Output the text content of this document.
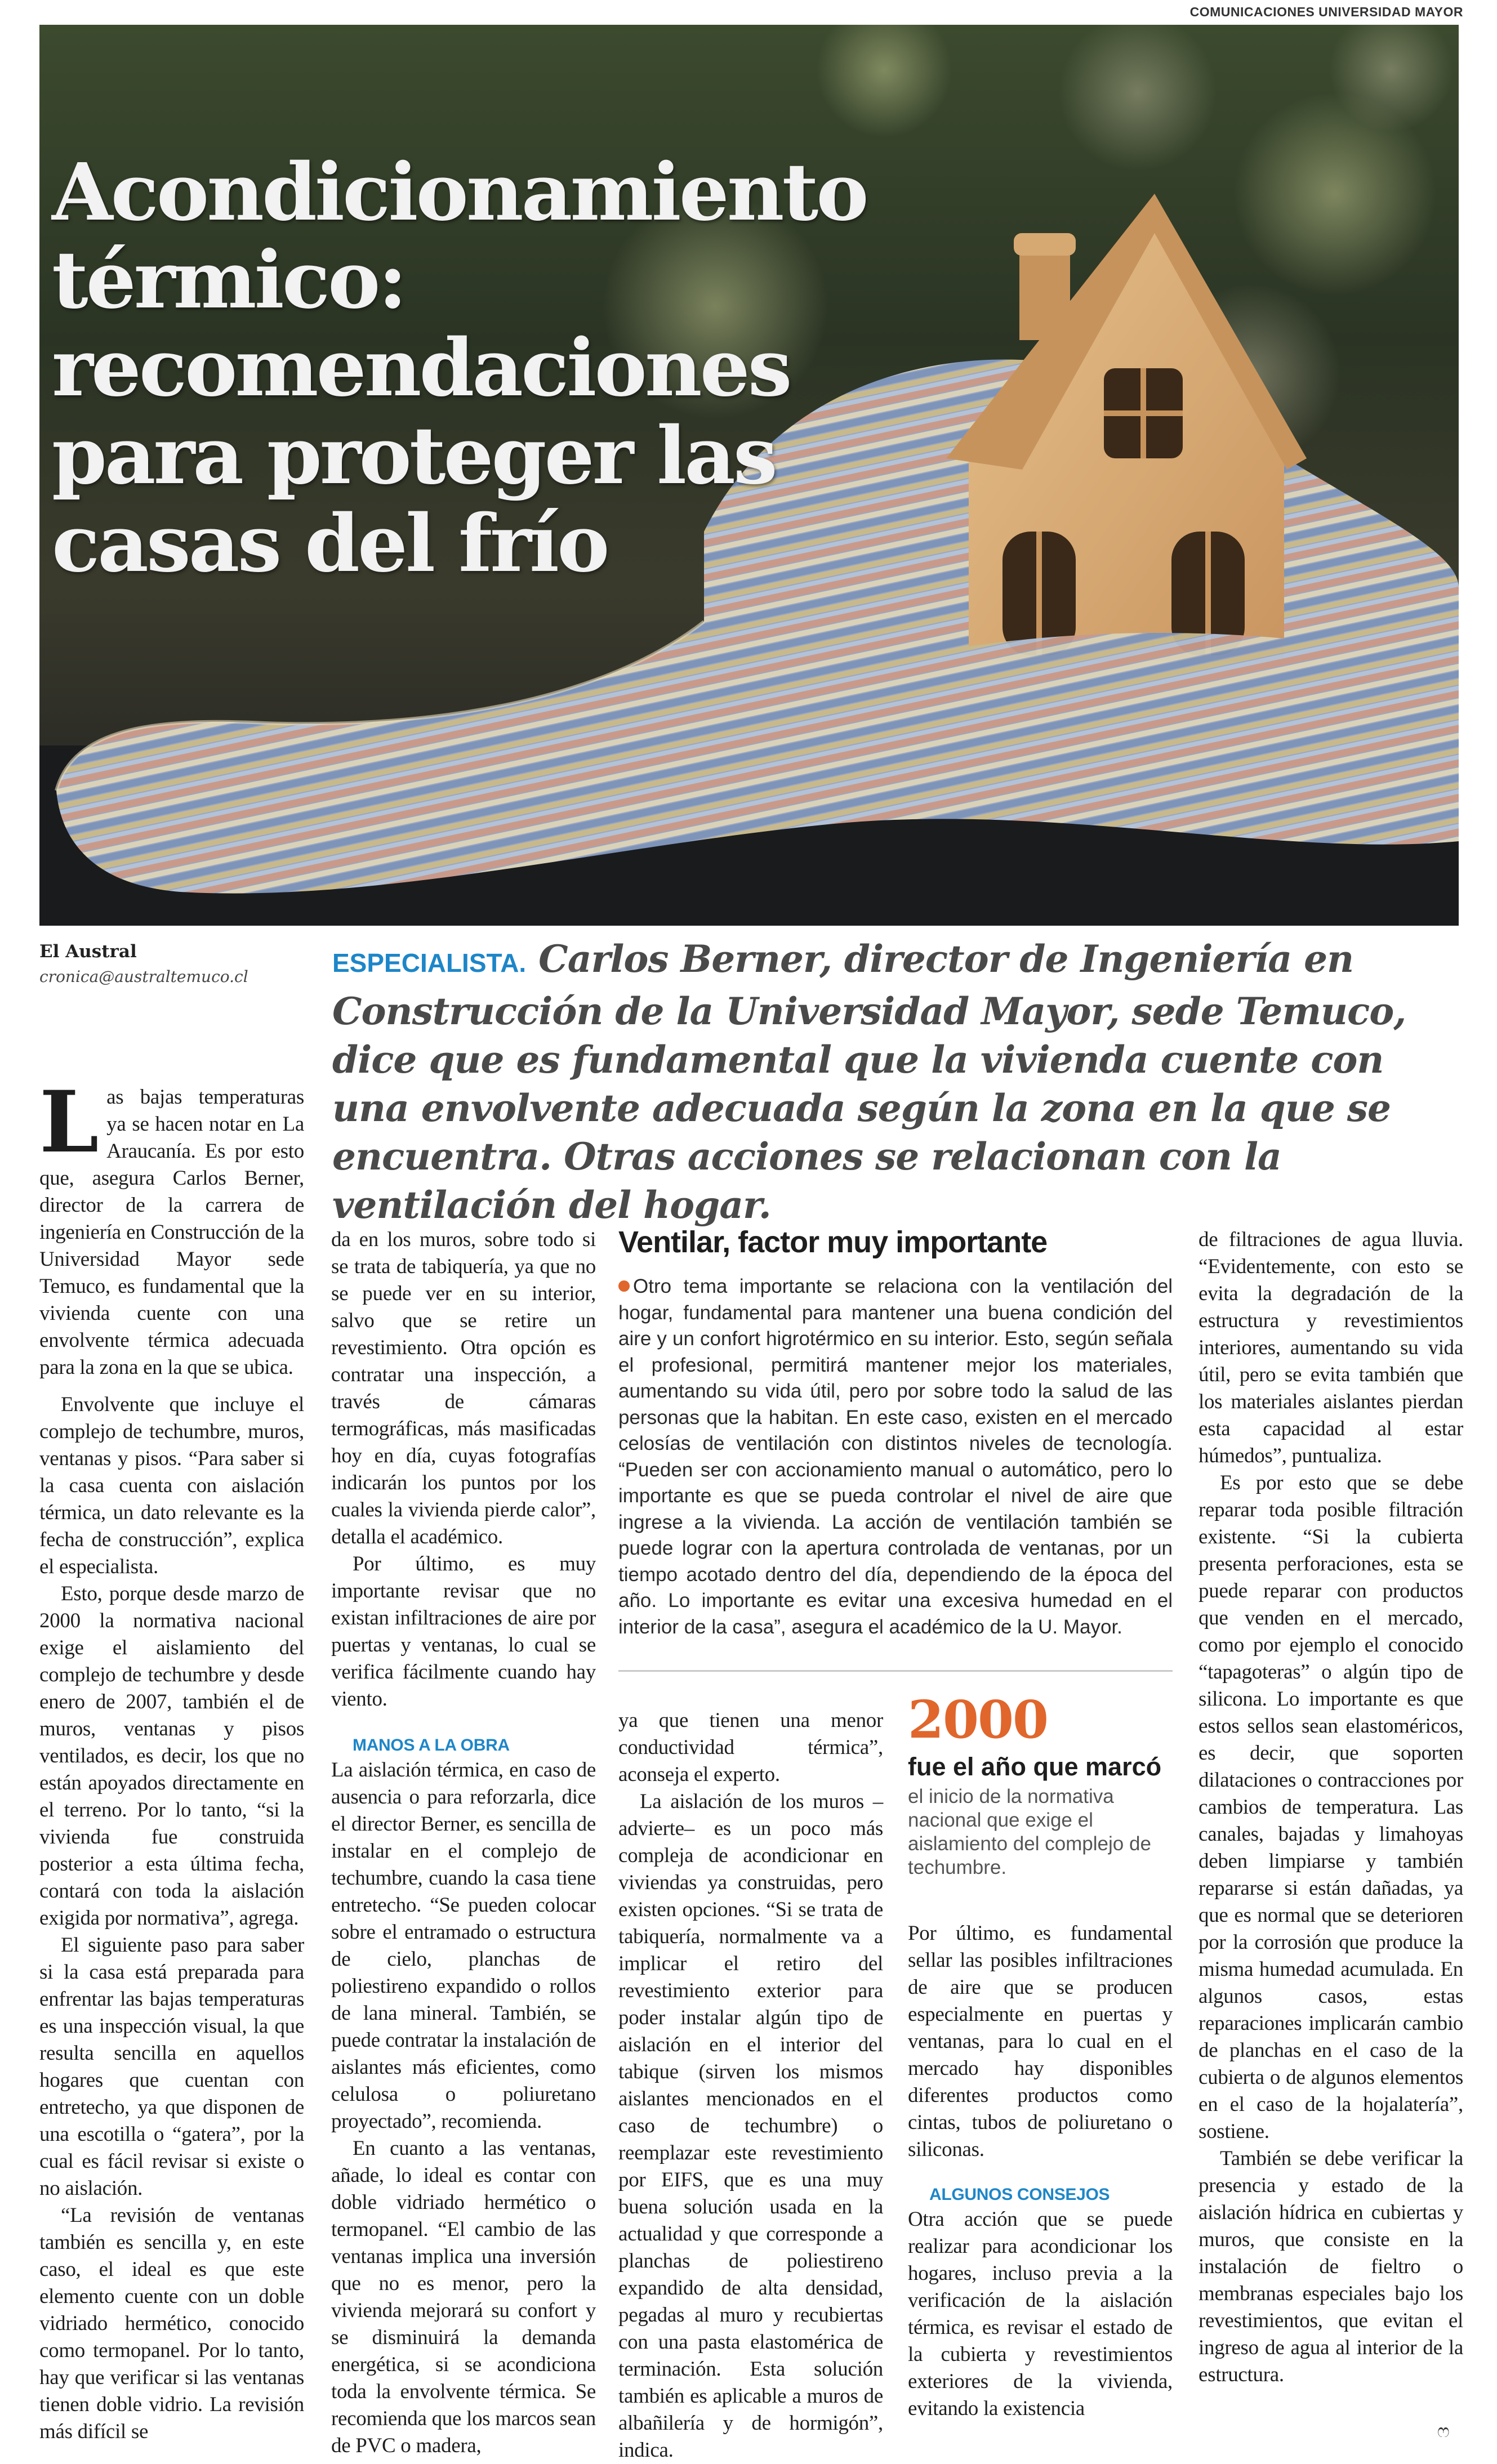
COMUNICACIONES UNIVERSIDAD MAYOR
Acondicionamiento térmico: recomendaciones para proteger las casas del frío
El Austral
cronica@australtemuco.cl	ESPECIALISTA. Carlos Berner, director de Ingeniería en Construcción de la Universidad Mayor, sede Temuco, dice que es fundamental que la vivienda cuente con una envolvente adecuada según la zona en la que se encuentra. Otras acciones se relacionan con la ventilación del hogar.

Las bajas temperaturas ya se hacen notar en La Araucanía. Es por esto que, asegura Carlos Berner, director de la carrera de ingeniería en Construcción de la Universidad Mayor sede Temuco, es fundamental que la vivienda cuente con una envolvente térmica adecuada para la zona en la que se ubica.

Envolvente que incluye el complejo de techumbre, muros, ventanas y pisos. “Para saber si la casa cuenta con aislación térmica, un dato relevante es la fecha de construcción”, explica el especialista.

Esto, porque desde marzo de 2000 la normativa nacional exige el aislamiento del complejo de techumbre y desde enero de 2007, también el de muros, ventanas y pisos ventilados, es decir, los que no están apoyados directamente en el terreno. Por lo tanto, “si la vivienda fue construida posterior a esta última fecha, contará con toda la aislación exigida por normativa”, agrega.

El siguiente paso para saber si la casa está preparada para enfrentar las bajas temperaturas es una inspección visual, la que resulta sencilla en aquellos hogares que cuentan con entretecho, ya que disponen de una escotilla o “gatera”, por la cual es fácil revisar si existe o no aislación.

“La revisión de ventanas también es sencilla y, en este caso, el ideal es que este elemento cuente con un doble vidriado hermético, conocido como termopanel. Por lo tanto, hay que verificar si las ventanas tienen doble vidrio. La revisión más difícil se

da en los muros, sobre todo si se trata de tabiquería, ya que no se puede ver en su interior, salvo que se retire un revestimiento. Otra opción es contratar una inspección, a través de cámaras termográficas, más masificadas hoy en día, cuyas fotografías indicarán los puntos por los cuales la vivienda pierde calor”, detalla el académico.

Por último, es muy importante revisar que no existan infiltraciones de aire por puertas y ventanas, lo cual se verifica fácilmente cuando hay viento.

MANOS A LA OBRA

La aislación térmica, en caso de ausencia o para reforzarla, dice el director Berner, es sencilla de instalar en el complejo de techumbre, cuando la casa tiene entretecho. “Se pueden colocar sobre el entramado o estructura de cielo, planchas de poliestireno expandido o rollos de lana mineral. También, se puede contratar la instalación de aislantes más eficientes, como celulosa o poliuretano proyectado”, recomienda.

En cuanto a las ventanas, añade, lo ideal es contar con doble vidriado hermético o termopanel. “El cambio de las ventanas implica una inversión que no es menor, pero la vivienda mejorará su confort y se disminuirá la demanda energética, si se acondiciona toda la envolvente térmica. Se recomienda que los marcos sean de PVC o madera,

Ventilar, factor muy importante
Otro tema importante se relaciona con la ventilación del hogar, fundamental para mantener una buena condición del aire y un confort higrotérmico en su interior. Esto, según señala el profesional, permitirá mantener mejor los materiales, aumentando su vida útil, pero por sobre todo la salud de las personas que la habitan. En este caso, existen en el mercado celosías de ventilación con distintos niveles de tecnología. “Pueden ser con accionamiento manual o automático, pero lo importante es que se pueda controlar el nivel de aire que ingrese a la vivienda. La acción de ventilación también se puede lograr con la apertura controlada de ventanas, por un tiempo acotado dentro del día, dependiendo de la época del año. Lo importante es evitar una excesiva humedad en el interior de la casa”, asegura el académico de la U. Mayor.

ya que tienen una menor conductividad térmica”, aconseja el experto.

La aislación de los muros –advierte– es un poco más compleja de acondicionar en viviendas ya construidas, pero existen opciones. “Si se trata de tabiquería, normalmente va a implicar el retiro del revestimiento exterior para poder instalar algún tipo de aislación en el interior del tabique (sirven los mismos aislantes mencionados en el caso de techumbre) o reemplazar este revestimiento por EIFS, que es una muy buena solución usada en la actualidad y que corresponde a planchas de poliestireno expandido de alta densidad, pegadas al muro y recubiertas con una pasta elastomérica de terminación. Esta solución también es aplicable a muros de albañilería y de hormigón”, indica.

2000
fue el año que marcó
el inicio de la normativa nacional que exige el aislamiento del complejo de techumbre.

Por último, es fundamental sellar las posibles infiltraciones de aire que se producen especialmente en puertas y ventanas, para lo cual en el mercado hay disponibles diferentes productos como cintas, tubos de poliuretano o siliconas.

ALGUNOS CONSEJOS

Otra acción que se puede realizar para acondicionar los hogares, incluso previa a la verificación de la aislación térmica, es revisar el estado de la cubierta y revestimientos exteriores de la vivienda, evitando la existencia

de filtraciones de agua lluvia. “Evidentemente, con esto se evita la degradación de la estructura y revestimientos interiores, aumentando su vida útil, pero se evita también que los materiales aislantes pierdan esta capacidad al estar húmedos”, puntualiza.

Es por esto que se debe reparar toda posible filtración existente. “Si la cubierta presenta perforaciones, esta se puede reparar con productos que venden en el mercado, como por ejemplo el conocido “tapagoteras” o algún tipo de silicona. Lo importante es que estos sellos sean elastoméricos, es decir, que soporten dilataciones o contracciones por cambios de temperatura. Las canales, bajadas y limahoyas deben limpiarse y también repararse si están dañadas, ya que es normal que se deterioren por la corrosión que produce la misma humedad acumulada. En algunos casos, estas reparaciones implicarán cambio de planchas en el caso de la cubierta o de algunos elementos en el caso de la hojalatería”, sostiene.

También se debe verificar la presencia y estado de la aislación hídrica en cubiertas y muros, que consiste en la instalación de fieltro o membranas especiales bajo los revestimientos, que evitan el ingreso de agua al interior de la estructura.

ෆ
